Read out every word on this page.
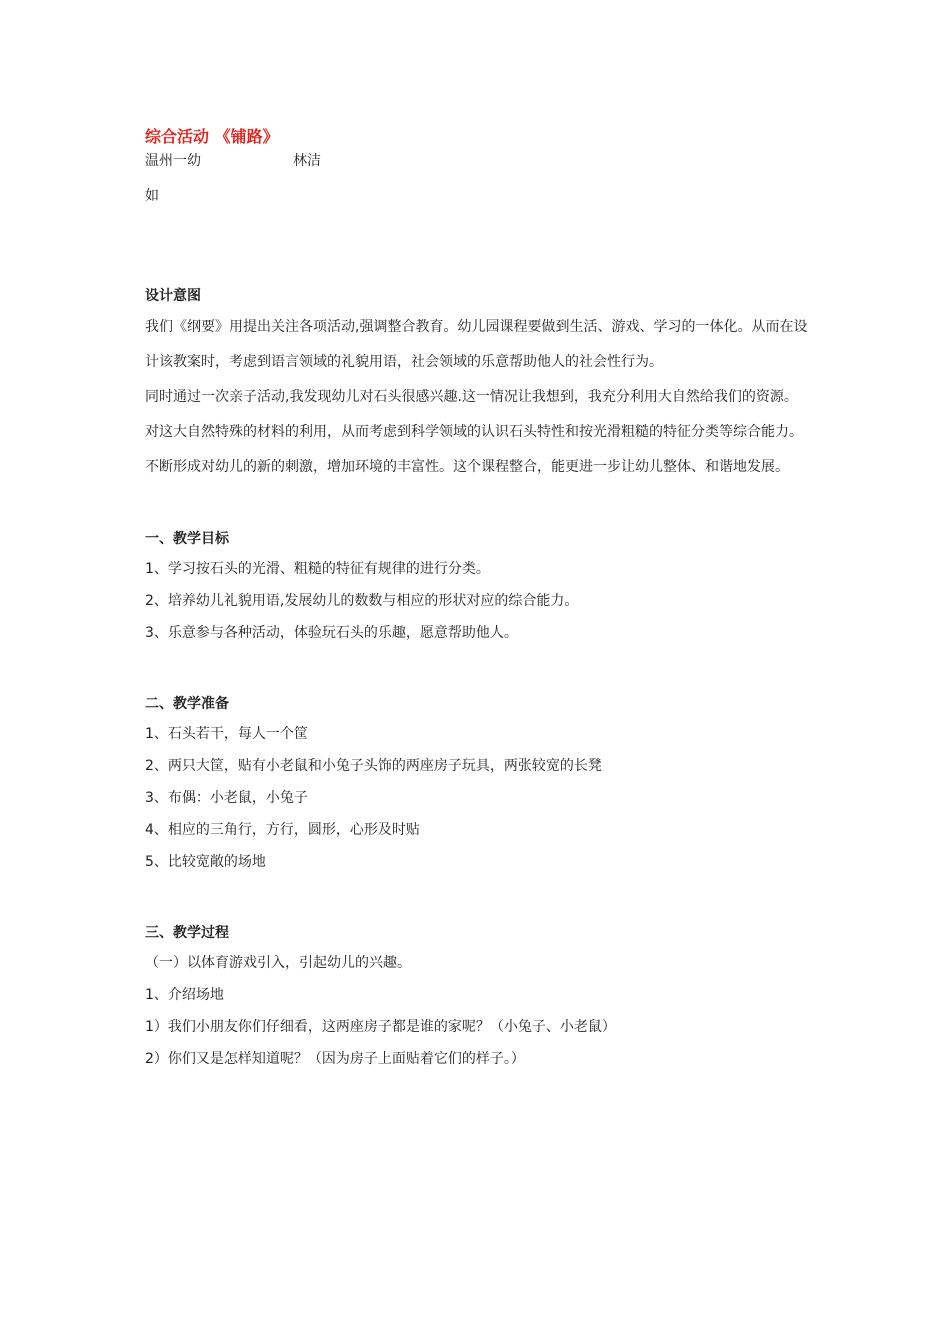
综合活动 《铺路》
温州一幼	林洁
如
设计意图

我们《纲要》用提出关注各项活动,强调整合教育。幼儿园课程要做到生活、游戏、学习的一体化。从而在设计该教案时，考虑到语言领域的礼貌用语，社会领域的乐意帮助他人的社会性行为。

同时通过一次亲子活动,我发现幼儿对石头很感兴趣.这一情况让我想到，我充分利用大自然给我们的资源。对这大自然特殊的材料的利用，从而考虑到科学领域的认识石头特性和按光滑粗糙的特征分类等综合能力。

不断形成对幼儿的新的刺激，增加环境的丰富性。这个课程整合，能更进一步让幼儿整体、和谐地发展。

一、教学目标
1、学习按石头的光滑、粗糙的特征有规律的进行分类。
2、培养幼儿礼貌用语,发展幼儿的数数与相应的形状对应的综合能力。
3、乐意参与各种活动，体验玩石头的乐趣，愿意帮助他人。
二、教学准备
1、石头若干，每人一个筐
2、两只大筐，贴有小老鼠和小兔子头饰的两座房子玩具，两张较宽的长凳
3、布偶：小老鼠，小兔子
4、相应的三角行，方行，圆形，心形及时贴
5、比较宽敞的场地
三、教学过程
（一）以体育游戏引入，引起幼儿的兴趣。
1、介绍场地
1）我们小朋友你们仔细看，这两座房子都是谁的家呢？（小兔子、小老鼠）
2）你们又是怎样知道呢？（因为房子上面贴着它们的样子。）
